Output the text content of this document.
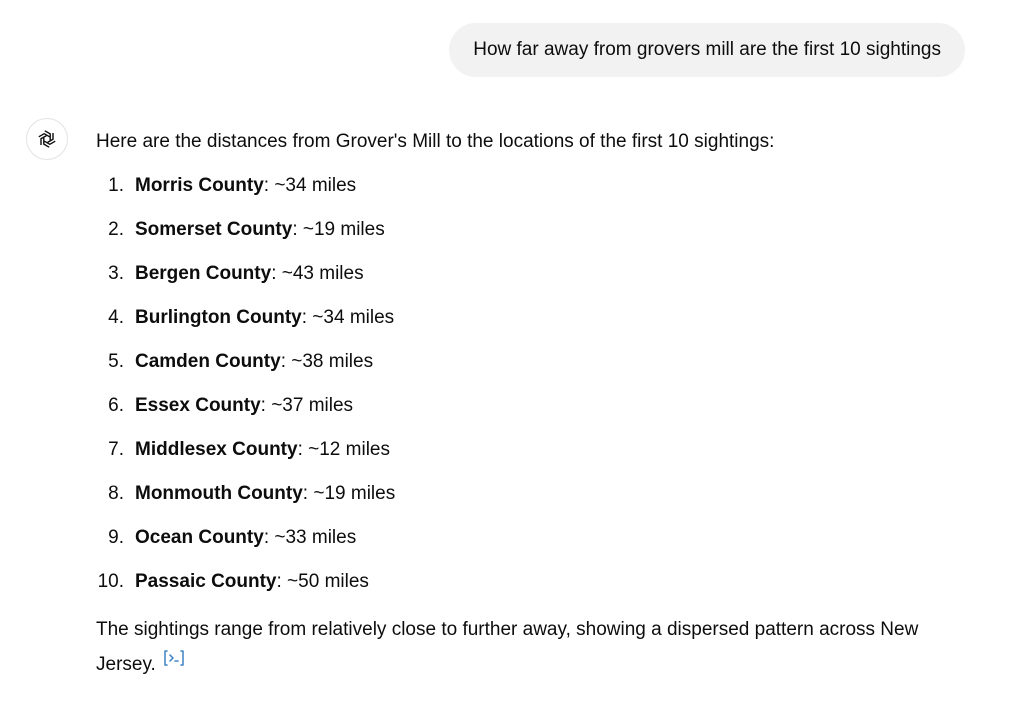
How far away from grovers mill are the first 10 sightings

Here are the distances from Grover's Mill to the locations of the first 10 sightings:

1. Morris County: ~34 miles
2. Somerset County: ~19 miles
3. Bergen County: ~43 miles
4. Burlington County: ~34 miles
5. Camden County: ~38 miles
6. Essex County: ~37 miles
7. Middlesex County: ~12 miles
8. Monmouth County: ~19 miles
9. Ocean County: ~33 miles
10. Passaic County: ~50 miles

The sightings range from relatively close to further away, showing a dispersed pattern across New Jersey.
